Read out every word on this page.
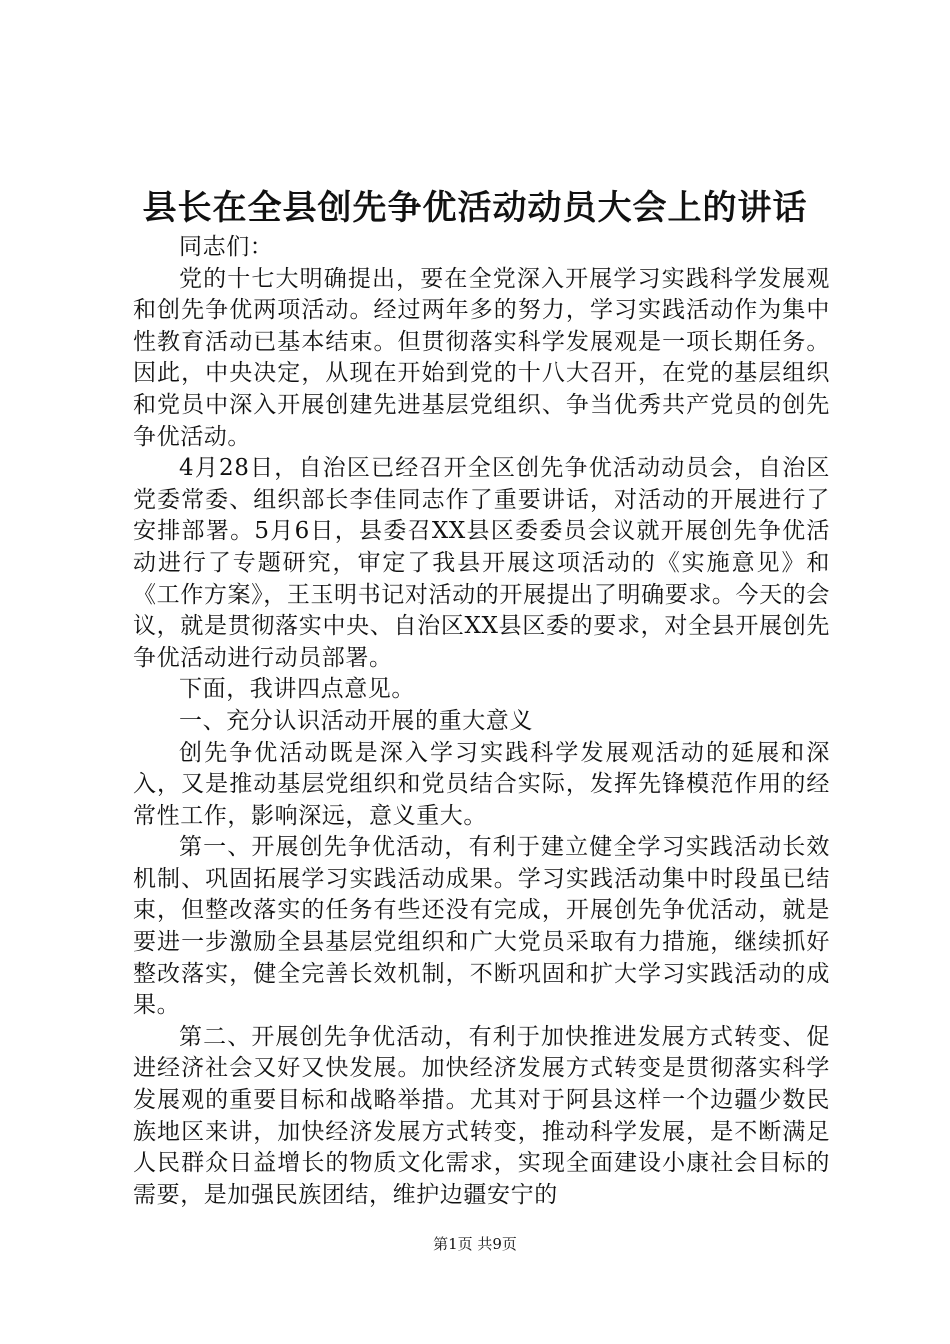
县长在全县创先争优活动动员大会上的讲话

同志们：

党的十七大明确提出，要在全党深入开展学习实践科学发展观和创先争优两项活动。经过两年多的努力，学习实践活动作为集中性教育活动已基本结束。但贯彻落实科学发展观是一项长期任务。因此，中央决定，从现在开始到党的十八大召开，在党的基层组织和党员中深入开展创建先进基层党组织、争当优秀共产党员的创先争优活动。

4月28日，自治区已经召开全区创先争优活动动员会，自治区党委常委、组织部长李佳同志作了重要讲话，对活动的开展进行了安排部署。5月6日，县委召XX县区委委员会议就开展创先争优活动进行了专题研究，审定了我县开展这项活动的《实施意见》和《工作方案》，王玉明书记对活动的开展提出了明确要求。今天的会议，就是贯彻落实中央、自治区XX县区委的要求，对全县开展创先争优活动进行动员部署。

下面，我讲四点意见。

一、充分认识活动开展的重大意义

创先争优活动既是深入学习实践科学发展观活动的延展和深入，又是推动基层党组织和党员结合实际，发挥先锋模范作用的经常性工作，影响深远，意义重大。

第一、开展创先争优活动，有利于建立健全学习实践活动长效机制、巩固拓展学习实践活动成果。学习实践活动集中时段虽已结束，但整改落实的任务有些还没有完成，开展创先争优活动，就是要进一步激励全县基层党组织和广大党员采取有力措施，继续抓好整改落实，健全完善长效机制，不断巩固和扩大学习实践活动的成果。

第二、开展创先争优活动，有利于加快推进发展方式转变、促进经济社会又好又快发展。加快经济发展方式转变是贯彻落实科学发展观的重要目标和战略举措。尤其对于阿县这样一个边疆少数民族地区来讲，加快经济发展方式转变，推动科学发展，是不断满足人民群众日益增长的物质文化需求，实现全面建设小康社会目标的需要，是加强民族团结，维护边疆安宁的

第1页 共9页
